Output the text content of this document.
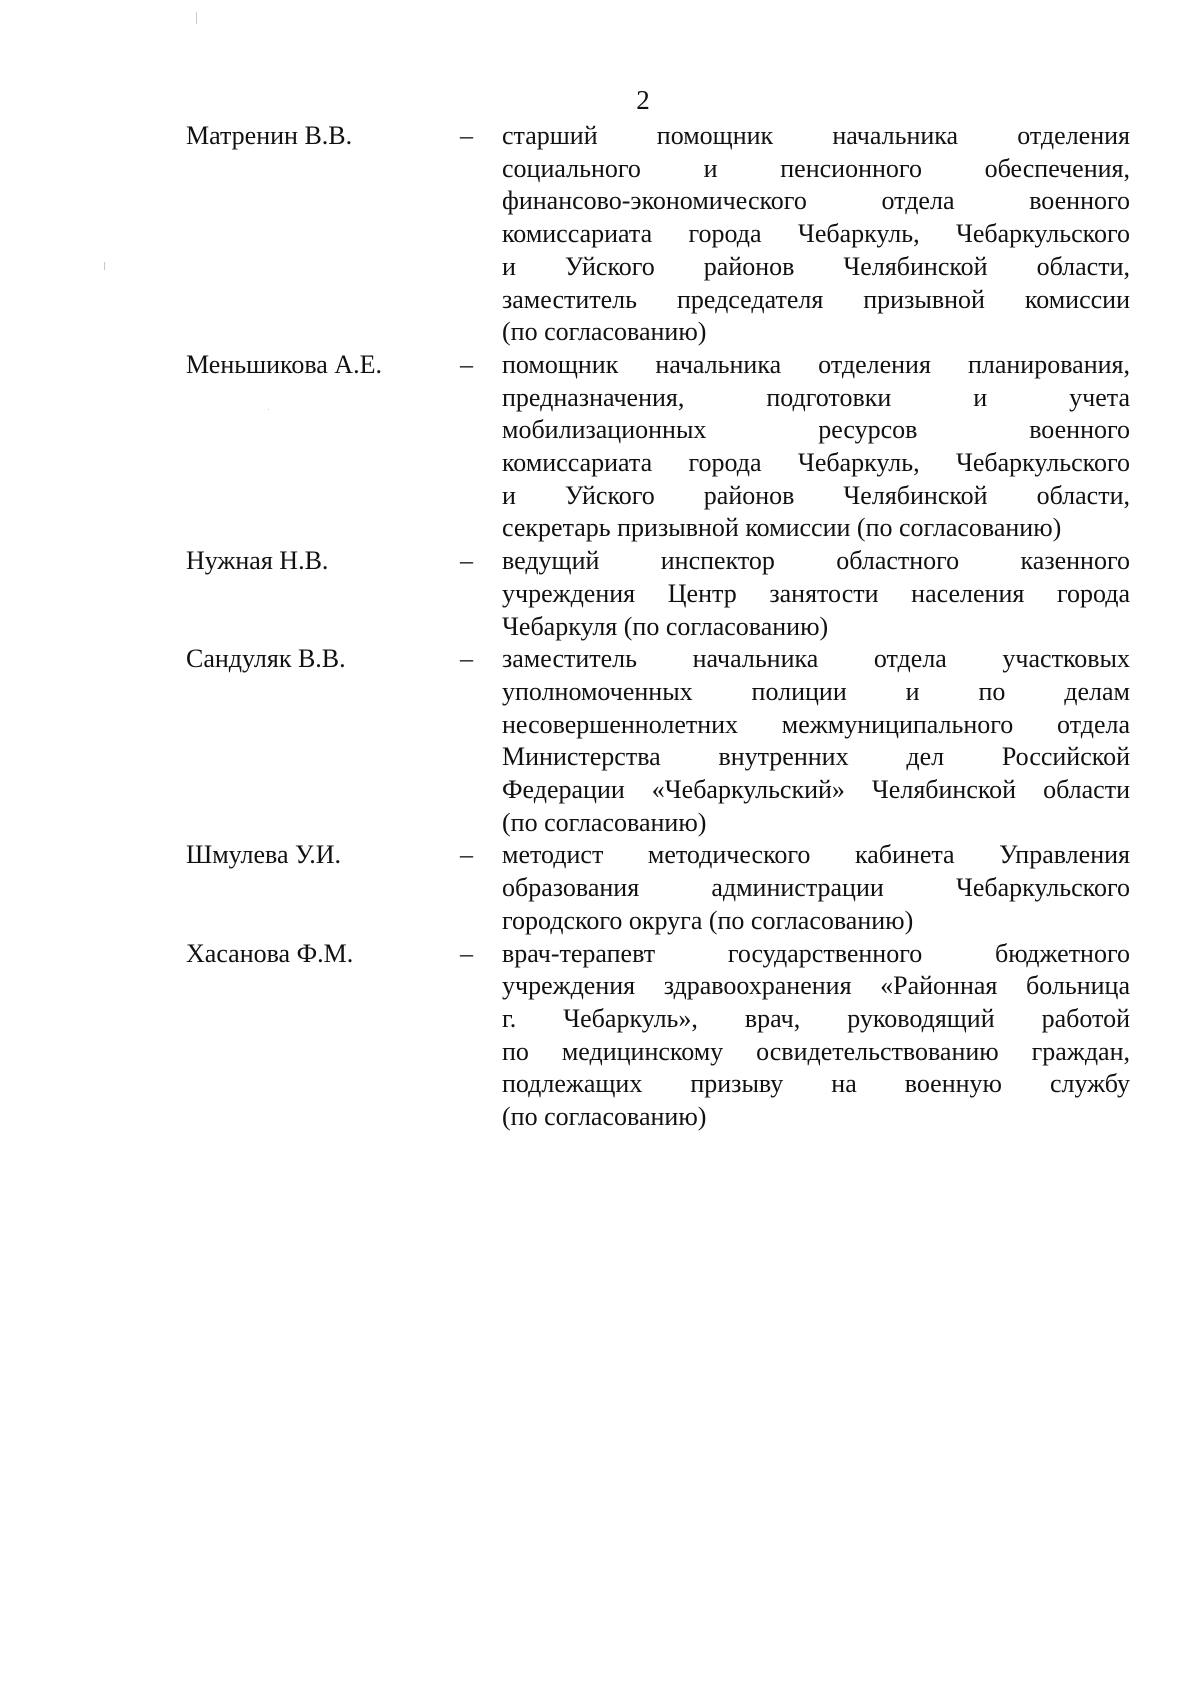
2
Матренин В.В.	–	старший помощник начальника отделения
социального и пенсионного обеспечения,
финансово-экономического отдела военного
комиссариата города Чебаркуль, Чебаркульского
и Уйского районов Челябинской области,
заместитель председателя призывной комиссии
(по согласованию)
Меньшикова А.Е.	–	помощник начальника отделения планирования,
предназначения, подготовки и учета
мобилизационных ресурсов военного
комиссариата города Чебаркуль, Чебаркульского
и Уйского районов Челябинской области,
секретарь призывной комиссии (по согласованию)
Нужная Н.В.	–	ведущий инспектор областного казенного
учреждения Центр занятости населения города
Чебаркуля (по согласованию)
Сандуляк В.В.	–	заместитель начальника отдела участковых
уполномоченных полиции и по делам
несовершеннолетних межмуниципального отдела
Министерства внутренних дел Российской
Федерации «Чебаркульский» Челябинской области
(по согласованию)
Шмулева У.И.	–	методист методического кабинета Управления
образования администрации Чебаркульского
городского округа (по согласованию)
Хасанова Ф.М.	–	врач-терапевт государственного бюджетного
учреждения здравоохранения «Районная больница
г. Чебаркуль», врач, руководящий работой
по медицинскому освидетельствованию граждан,
подлежащих призыву на военную службу
(по согласованию)
